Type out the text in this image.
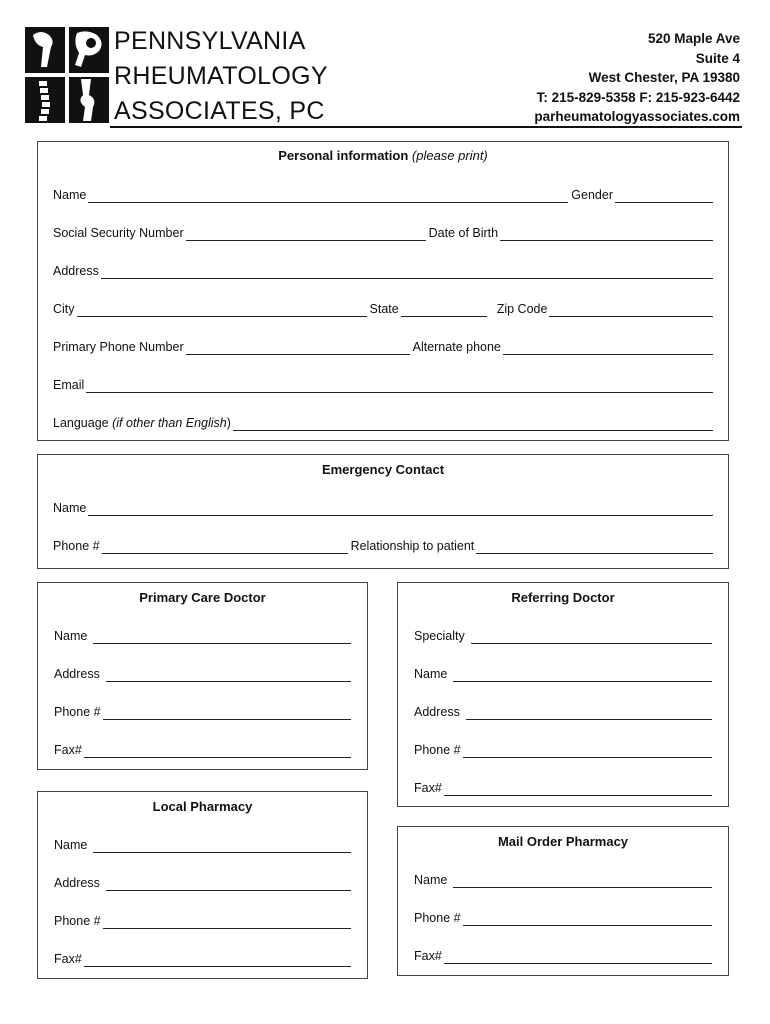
PENNSYLVANIA
RHEUMATOLOGY
ASSOCIATES, PC
520 Maple Ave
Suite 4
West Chester, PA 19380
T: 215-829-5358 F: 215-923-6442
parheumatologyassociates.com
Personal information (please print)
Name	Gender
Social Security Number	Date of Birth
Address
City	State	Zip Code
Primary Phone Number	Alternate phone
Email
Language (if other than English)
Emergency Contact
Name
Phone #	Relationship to patient
Primary Care Doctor
Name
Address
Phone #
Fax#
Referring Doctor
Specialty
Name
Address
Phone #
Fax#
Local Pharmacy
Name
Address
Phone #
Fax#
Mail Order Pharmacy
Name
Phone #
Fax#
